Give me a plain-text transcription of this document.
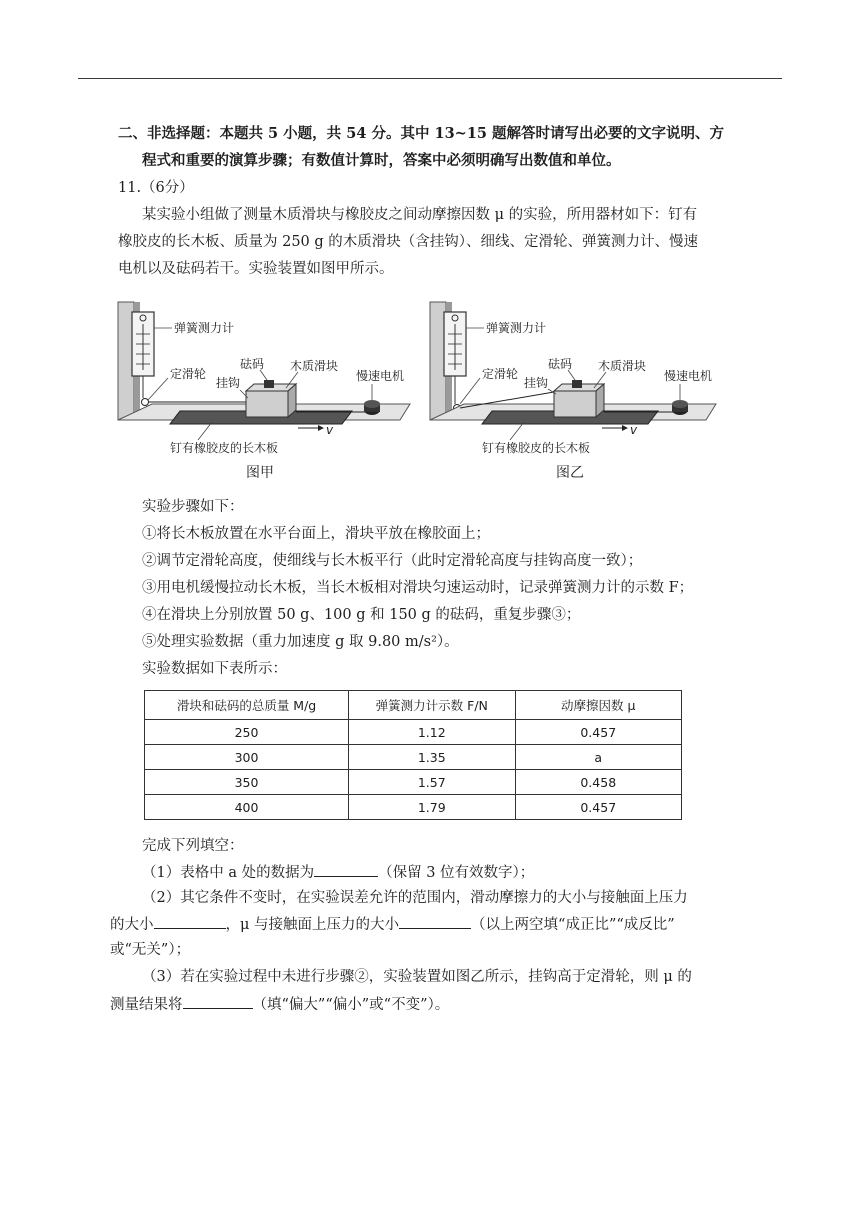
二、非选择题：本题共 5 小题，共 54 分。其中 13~15 题解答时请写出必要的文字说明、方
程式和重要的演算步骤；有数值计算时，答案中必须明确写出数值和单位。
11.（6分）
某实验小组做了测量木质滑块与橡胶皮之间动摩擦因数 μ 的实验，所用器材如下：钉有
橡胶皮的长木板、质量为 250 g 的木质滑块（含挂钩）、细线、定滑轮、弹簧测力计、慢速
电机以及砝码若干。实验装置如图甲所示。
v
弹簧测力计
定滑轮
砝码
挂钩
木质滑块
慢速电机
钉有橡胶皮的长木板
图甲
v
弹簧测力计
定滑轮
砝码
挂钩
木质滑块
慢速电机
钉有橡胶皮的长木板
图乙
实验步骤如下：
①将长木板放置在水平台面上，滑块平放在橡胶面上；
②调节定滑轮高度，使细线与长木板平行（此时定滑轮高度与挂钩高度一致）；
③用电机缓慢拉动长木板，当长木板相对滑块匀速运动时，记录弹簧测力计的示数 F；
④在滑块上分别放置 50 g、100 g 和 150 g 的砝码，重复步骤③；
⑤处理实验数据（重力加速度 g 取 9.80 m/s²）。
实验数据如下表所示：
滑块和砝码的总质量 M/g	弹簧测力计示数 F/N	动摩擦因数 μ
250	1.12	0.457
300	1.35	a
350	1.57	0.458
400	1.79	0.457
完成下列填空：
（1）表格中 a 处的数据为	（保留 3 位有效数字）；
（2）其它条件不变时，在实验误差允许的范围内，滑动摩擦力的大小与接触面上压力
的大小	，μ 与接触面上压力的大小	（以上两空填“成正比”“成反比”
或“无关”）；
（3）若在实验过程中未进行步骤②，实验装置如图乙所示，挂钩高于定滑轮，则 μ 的
测量结果将	（填“偏大”“偏小”或“不变”）。
